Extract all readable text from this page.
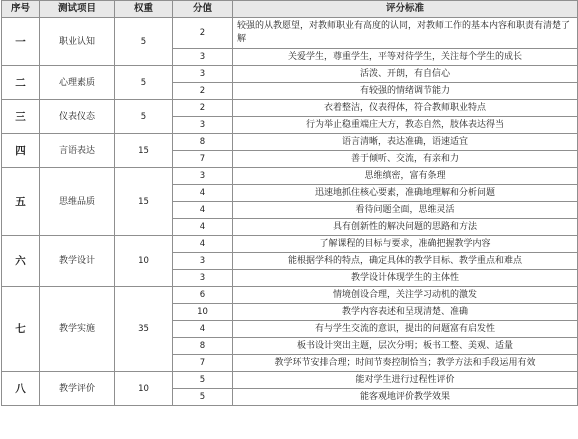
序号	测试项目	权重	分值	评分标准
一	职业认知	5	2	较强的从教愿望，对教师职业有高度的认同，对教师工作的基本内容和职责有清楚了解
			3	关爱学生，尊重学生，平等对待学生，关注每个学生的成长
二	心理素质	5	3	活泼、开朗，有自信心
			2	有较强的情绪调节能力
三	仪表仪态	5	2	衣着整洁，仪表得体，符合教师职业特点
			3	行为举止稳重端庄大方，教态自然，肢体表达得当
四	言语表达	15	8	语言清晰，表达准确，语速适宜
			7	善于倾听、交流，有亲和力
五	思维品质	15	3	思维缜密，富有条理
			4	迅速地抓住核心要素，准确地理解和分析问题
			4	看待问题全面，思维灵活
			4	具有创新性的解决问题的思路和方法
六	教学设计	10	4	了解课程的目标与要求，准确把握教学内容
			3	能根据学科的特点，确定具体的教学目标、教学重点和难点
			3	教学设计体现学生的主体性
七	教学实施	35	6	情境创设合理，关注学习动机的激发
			10	教学内容表述和呈现清楚、准确
			4	有与学生交流的意识，提出的问题富有启发性
			8	板书设计突出主题，层次分明；板书工整、美观、适量
			7	教学环节安排合理；时间节奏控制恰当；教学方法和手段运用有效
八	教学评价	10	5	能对学生进行过程性评价
			5	能客观地评价教学效果
